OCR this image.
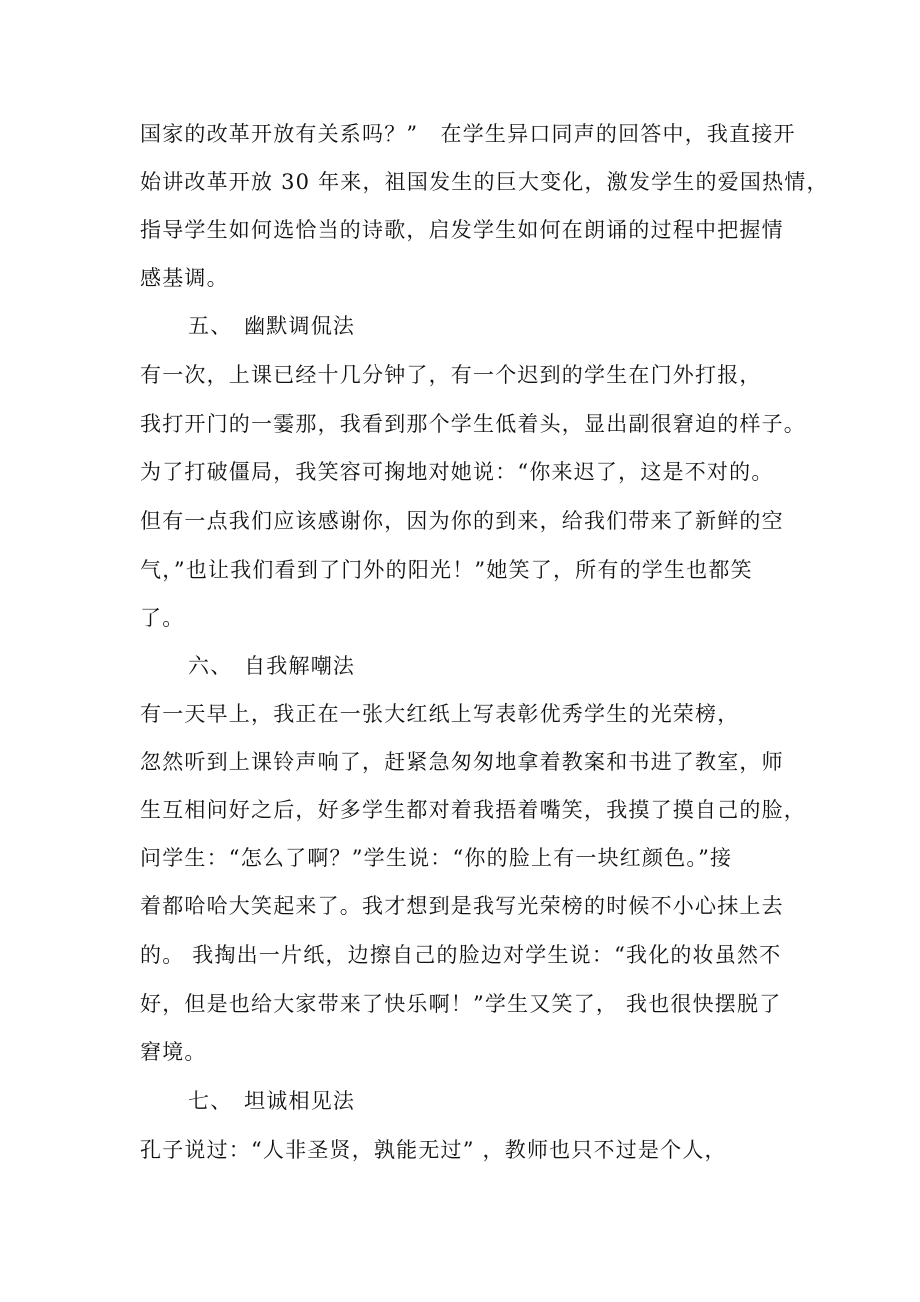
国家的改革开放有关系吗？”　在学生异口同声的回答中，我直接开
始讲改革开放 30 年来，祖国发生的巨大变化，激发学生的爱国热情，
指导学生如何选恰当的诗歌，启发学生如何在朗诵的过程中把握情
感基调。
五、　幽默调侃法
有一次，上课已经十几分钟了，有一个迟到的学生在门外打报，
我打开门的一霎那，我看到那个学生低着头，显出副很窘迫的样子。
为了打破僵局，我笑容可掬地对她说：“你来迟了，这是不对的。
但有一点我们应该感谢你，因为你的到来，给我们带来了新鲜的空
气，”也让我们看到了门外的阳光！”她笑了，所有的学生也都笑
了。
六、　自我解嘲法
有一天早上，我正在一张大红纸上写表彰优秀学生的光荣榜，
忽然听到上课铃声响了，赶紧急匆匆地拿着教案和书进了教室，师
生互相问好之后，好多学生都对着我捂着嘴笑，我摸了摸自己的脸，
问学生：“怎么了啊？”学生说：“你的脸上有一块红颜色。”接
着都哈哈大笑起来了。我才想到是我写光荣榜的时候不小心抹上去
的。 我掏出一片纸，边擦自己的脸边对学生说：“我化的妆虽然不
好，但是也给大家带来了快乐啊！”学生又笑了， 我也很快摆脱了
窘境。
七、　坦诚相见法
孔子说过：“人非圣贤，孰能无过” ，教师也只不过是个人，
